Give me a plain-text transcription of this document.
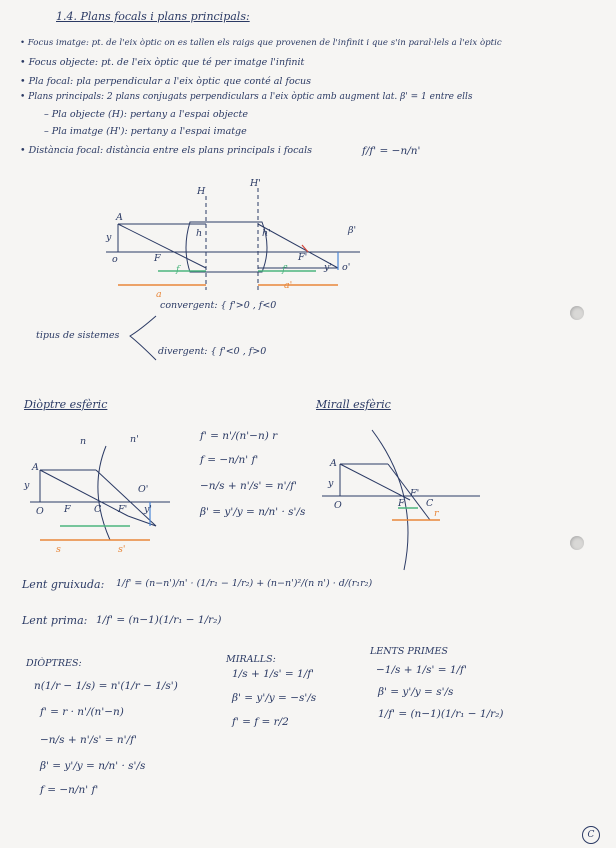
1.4. Plans focals i plans principals:
• Focus imatge: pt. de l'eix òptic on es tallen els raigs que provenen de l'infinit i que s'in paral·lels a l'eix òptic
• Focus objecte: pt. de l'eix òptic que té per imatge l'infinit
• Pla focal: pla perpendicular a l'eix òptic que conté al focus
• Plans principals: 2 plans conjugats perpendiculars a l'eix òptic amb augment lat. β' = 1 entre ells
– Pla objecte (H): pertany a l'espai objecte
– Pla imatge (H'): pertany a l'espai imatge
• Distància focal: distància entre els plans principals i focals	f/f' = −n/n'
H
H'
y
A
F
o
h	h'
F'
β'
y' o'
f	f'
a
a'
tipus de sistemes
convergent: { f'>0 , f<0
divergent: { f'<0 , f>0
Diòptre esfèric
n	n'
A
y
O F C F' y'
O'
s	s'
f' = n'/(n'−n) r
f = −n/n' f'
−n/s + n'/s' = n'/f'
β' = y'/y = n/n' · s'/s
Mirall esfèric
A
y
O	F
F'
C
r
Lent gruixuda: 1/f' = (n−n')/n' · (1/r₁ − 1/r₂) + (n−n')²/(n n') · d/(r₁r₂)
Lent prima: 1/f' = (n−1)(1/r₁ − 1/r₂)
DIÒPTRES:
n(1/r − 1/s) = n'(1/r − 1/s')
f' = r · n'/(n'−n)
−n/s + n'/s' = n'/f'
β' = y'/y = n/n' · s'/s
f = −n/n' f'
MIRALLS:
1/s + 1/s' = 1/f'
β' = y'/y = −s'/s
f' = f = r/2
LENTS PRIMES
−1/s + 1/s' = 1/f'
β' = y'/y = s'/s
1/f' = (n−1)(1/r₁ − 1/r₂)
C
